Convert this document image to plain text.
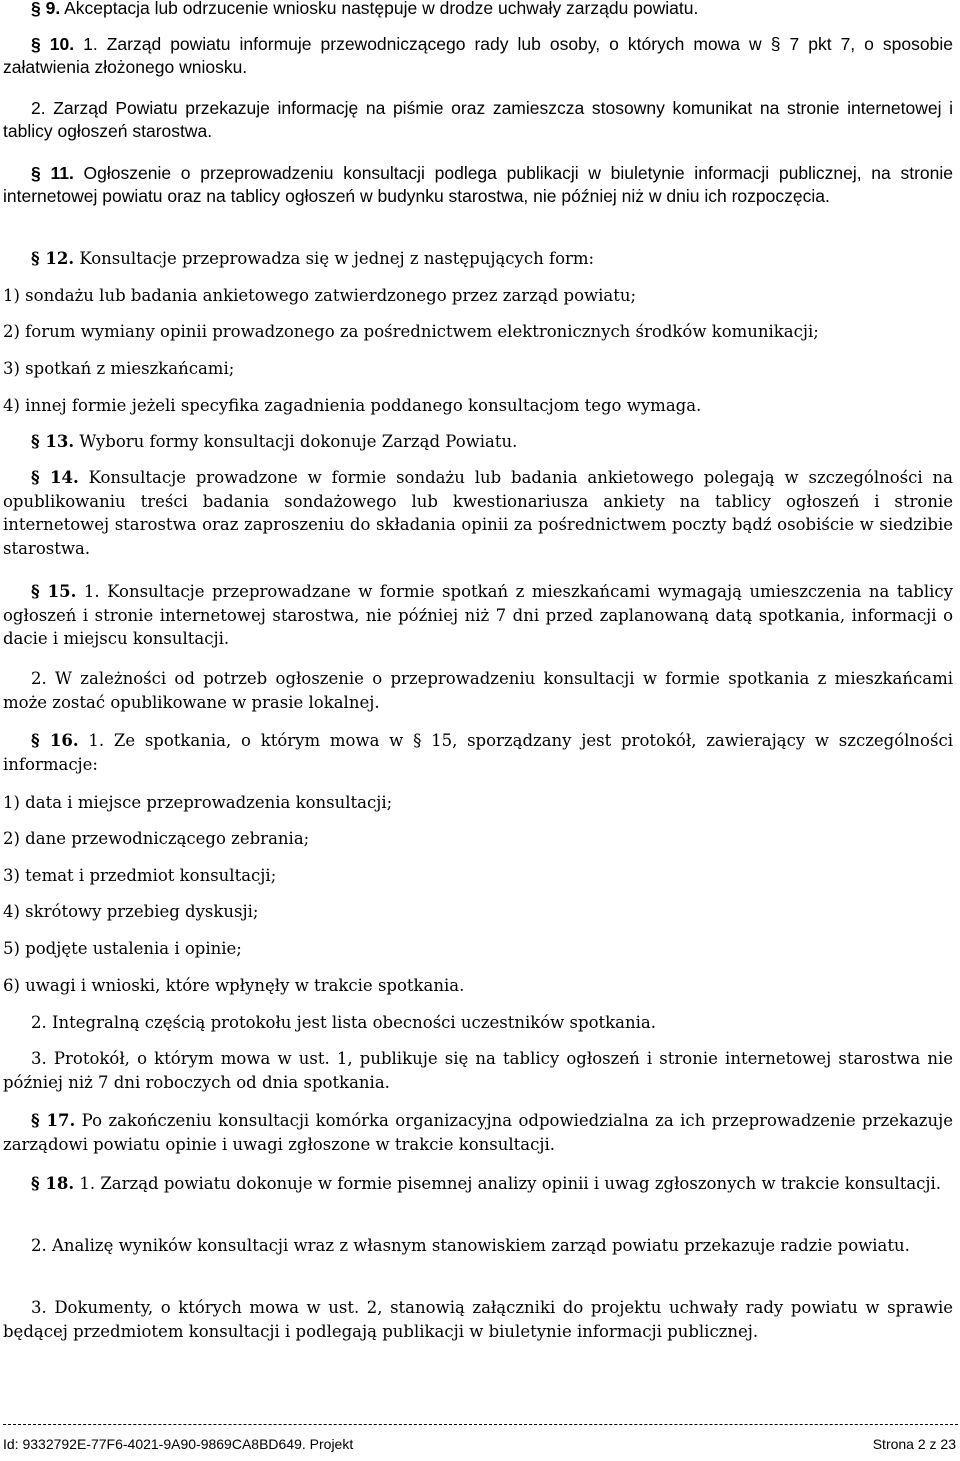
§ 9. Akceptacja lub odrzucenie wniosku następuje w drodze uchwały zarządu powiatu.

§ 10. 1. Zarząd powiatu informuje przewodniczącego rady lub osoby, o których mowa w § 7 pkt 7, o sposobie załatwienia złożonego wniosku.

2. Zarząd Powiatu przekazuje informację na piśmie oraz zamieszcza stosowny komunikat na stronie internetowej i tablicy ogłoszeń starostwa.

§ 11. Ogłoszenie o przeprowadzeniu konsultacji podlega publikacji w biuletynie informacji publicznej, na stronie internetowej powiatu oraz na tablicy ogłoszeń w budynku starostwa, nie później niż w dniu ich rozpoczęcia.

§ 12. Konsultacje przeprowadza się w jednej z następujących form:

1) sondażu lub badania ankietowego zatwierdzonego przez zarząd powiatu;

2) forum wymiany opinii prowadzonego za pośrednictwem elektronicznych środków komunikacji;

3) spotkań z mieszkańcami;

4) innej formie jeżeli specyfika zagadnienia poddanego konsultacjom tego wymaga.

§ 13. Wyboru formy konsultacji dokonuje Zarząd Powiatu.

§ 14. Konsultacje prowadzone w formie sondażu lub badania ankietowego polegają w szczególności na opublikowaniu treści badania sondażowego lub kwestionariusza ankiety na tablicy ogłoszeń i stronie internetowej starostwa oraz zaproszeniu do składania opinii za pośrednictwem poczty bądź osobiście w siedzibie starostwa.

§ 15. 1. Konsultacje przeprowadzane w formie spotkań z mieszkańcami wymagają umieszczenia na tablicy ogłoszeń i stronie internetowej starostwa, nie później niż 7 dni przed zaplanowaną datą spotkania, informacji o dacie i miejscu konsultacji.

2. W zależności od potrzeb ogłoszenie o przeprowadzeniu konsultacji w formie spotkania z mieszkańcami może zostać opublikowane w prasie lokalnej.

§ 16. 1. Ze spotkania, o którym mowa w § 15, sporządzany jest protokół, zawierający w szczególności informacje:

1) data i miejsce przeprowadzenia konsultacji;

2) dane przewodniczącego zebrania;

3) temat i przedmiot konsultacji;

4) skrótowy przebieg dyskusji;

5) podjęte ustalenia i opinie;

6) uwagi i wnioski, które wpłynęły w trakcie spotkania.

2. Integralną częścią protokołu jest lista obecności uczestników spotkania.

3. Protokół, o którym mowa w ust. 1, publikuje się na tablicy ogłoszeń i stronie internetowej starostwa nie później niż 7 dni roboczych od dnia spotkania.

§ 17. Po zakończeniu konsultacji komórka organizacyjna odpowiedzialna za ich przeprowadzenie przekazuje zarządowi powiatu opinie i uwagi zgłoszone w trakcie konsultacji.

§ 18. 1. Zarząd powiatu dokonuje w formie pisemnej analizy opinii i uwag zgłoszonych w trakcie konsultacji.

2. Analizę wyników konsultacji wraz z własnym stanowiskiem zarząd powiatu przekazuje radzie powiatu.

3. Dokumenty, o których mowa w ust. 2, stanowią załączniki do projektu uchwały rady powiatu w sprawie będącej przedmiotem konsultacji i podlegają publikacji w biuletynie informacji publicznej.

Id: 9332792E-77F6-4021-9A90-9869CA8BD649. Projekt	Strona 2 z 23
